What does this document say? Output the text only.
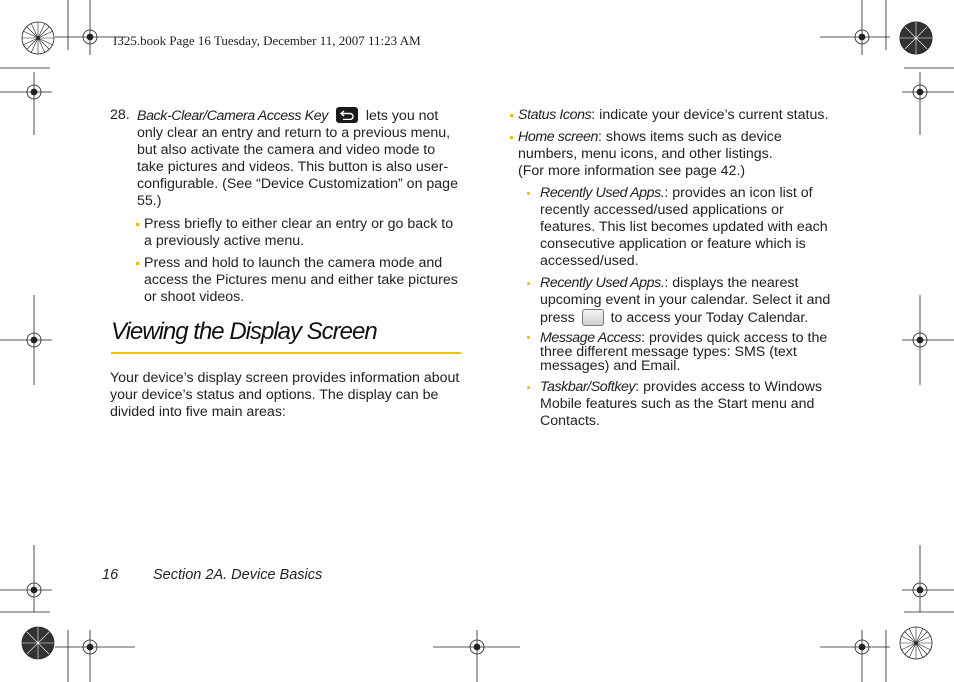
I325.book Page 16 Tuesday, December 11, 2007 11:23 AM
28. Back-Clear/Camera Access Key	lets you not only clear an entry and return to a previous menu, but also activate the camera and video mode to take pictures and videos. This button is also user-configurable. (See “Device Customization” on page 55.)

Press briefly to either clear an entry or go back to a previously active menu.

Press and hold to launch the camera mode and access the Pictures menu and either take pictures or shoot videos.

Viewing the Display Screen
Your device’s display screen provides information about your device’s status and options. The display can be divided into five main areas:

Status Icons: indicate your device’s current status.

Home screen: shows items such as device numbers, menu icons, and other listings.
(For more information see page 42.)

Recently Used Apps.: provides an icon list of recently accessed/used applications or features. This list becomes updated with each consecutive application or feature which is accessed/used.

Recently Used Apps.: displays the nearest upcoming event in your calendar. Select it and press	to access your Today Calendar.

Message Access: provides quick access to the three different message types: SMS (text messages) and Email.

Taskbar/Softkey: provides access to Windows Mobile features such as the Start menu and Contacts.

16 Section 2A. Device Basics
